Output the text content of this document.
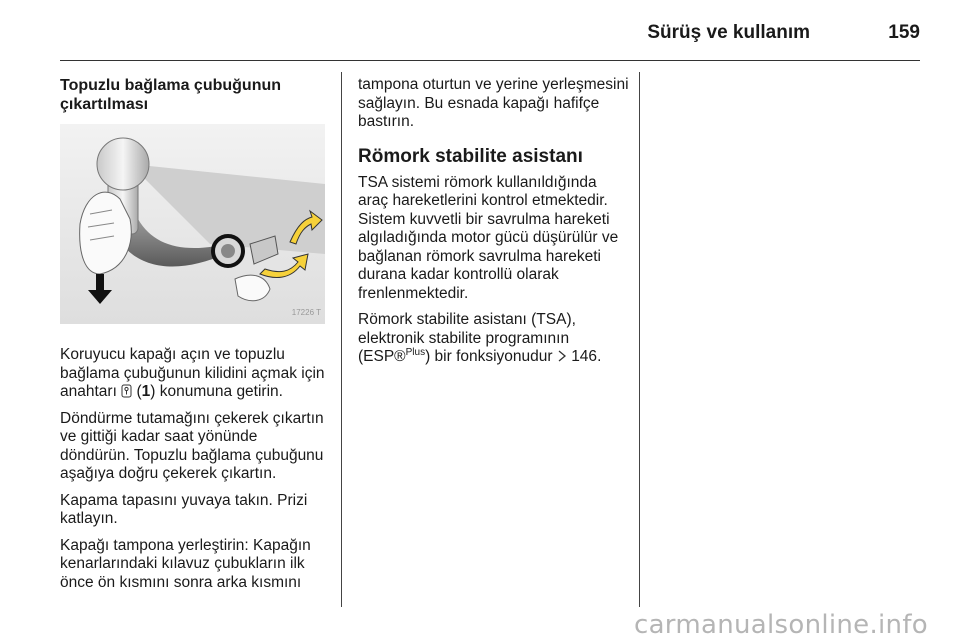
Sürüş ve kullanım	159
Topuzlu bağlama çubuğunun
çıkartılması
17226 T

Koruyucu kapağı açın ve topuzlu bağlama çubuğunun kilidini açmak için anahtarı  (1) konumuna getirin.

Döndürme tutamağını çekerek çıkartın ve gittiği kadar saat yönünde döndürün. Topuzlu bağlama çubuğunu aşağıya doğru çekerek çıkartın.

Kapama tapasını yuvaya takın. Prizi katlayın.

Kapağı tampona yerleştirin: Kapağın kenarlarındaki kılavuz çubukların ilk önce ön kısmını sonra arka kısmını

tampona oturtun ve yerine yerleşmesini sağlayın. Bu esnada kapağı hafifçe bastırın.

Römork stabilite asistanı

TSA sistemi römork kullanıldığında araç hareketlerini kontrol etmektedir. Sistem kuvvetli bir savrulma hareketi algıladığında motor gücü düşürülür ve bağlanan römork savrulma hareketi durana kadar kontrollü olarak frenlenmektedir.

Römork stabilite asistanı (TSA), elektronik stabilite programının (ESP®$^{Plus}$) bir fonksiyonudur  146.

carmanualsonline.info
